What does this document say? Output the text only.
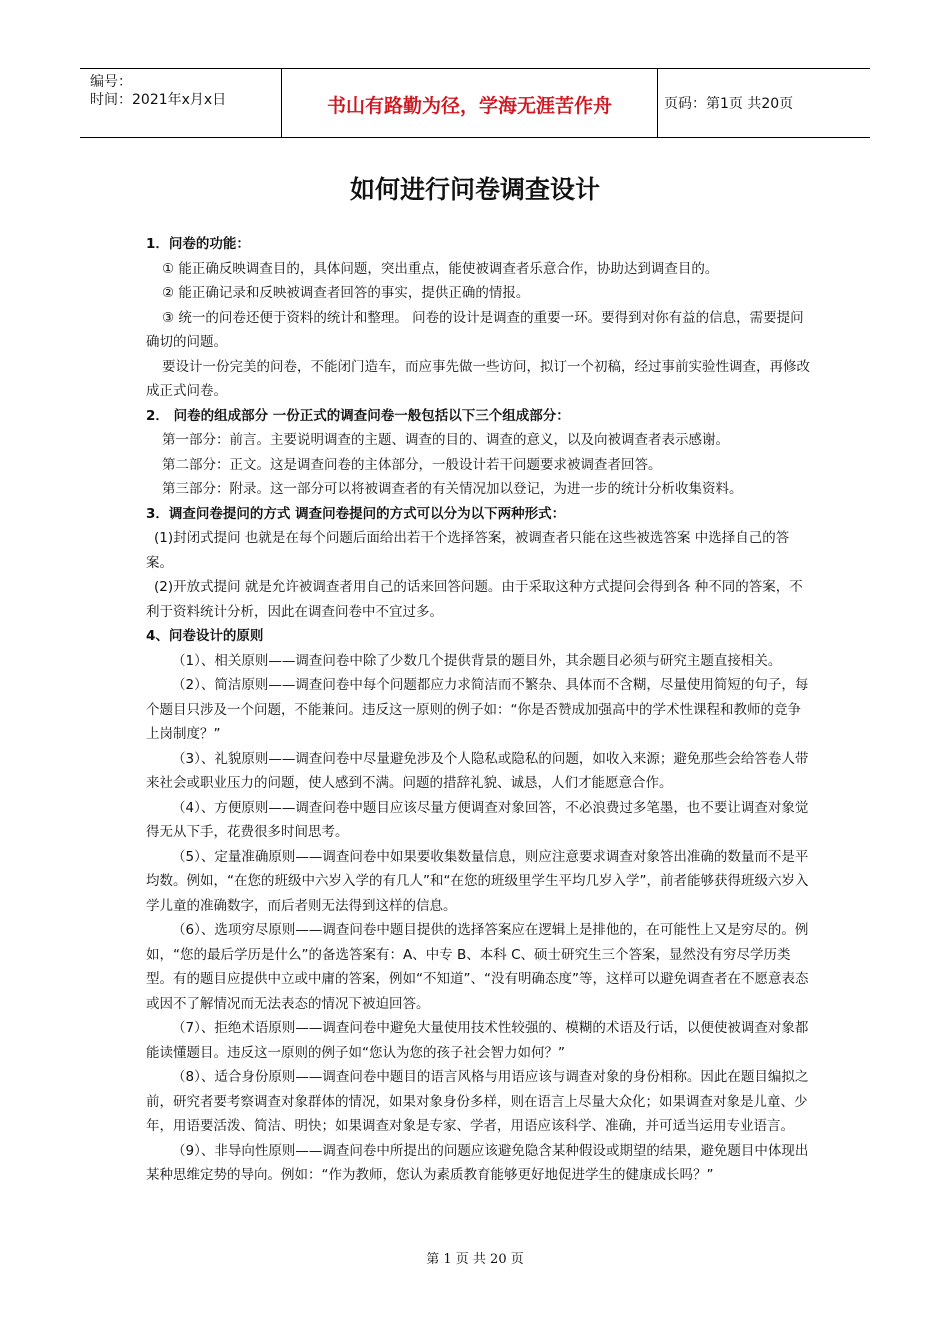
编号：
时间：2021年x月x日	书山有路勤为径，学海无涯苦作舟	页码：第1页 共20页
如何进行问卷调查设计

1．问卷的功能：

① 能正确反映调查目的，具体问题，突出重点，能使被调查者乐意合作，协助达到调查目的。

② 能正确记录和反映被调查者回答的事实，提供正确的情报。

③ 统一的问卷还便于资料的统计和整理。 问卷的设计是调查的重要一环。要得到对你有益的信息，需要提问确切的问题。

要设计一份完美的问卷，不能闭门造车，而应事先做一些访问，拟订一个初稿，经过事前实验性调查，再修改成正式问卷。

2． 问卷的组成部分 一份正式的调查问卷一般包括以下三个组成部分：

第一部分：前言。主要说明调查的主题、调查的目的、调查的意义，以及向被调查者表示感谢。

第二部分：正文。这是调查问卷的主体部分，一般设计若干问题要求被调查者回答。

第三部分：附录。这一部分可以将被调查者的有关情况加以登记，为进一步的统计分析收集资料。

3．调查问卷提问的方式 调查问卷提问的方式可以分为以下两种形式：

(1)封闭式提问 也就是在每个问题后面给出若干个选择答案，被调查者只能在这些被选答案 中选择自己的答案。

(2)开放式提问 就是允许被调查者用自己的话来回答问题。由于采取这种方式提问会得到各 种不同的答案，不利于资料统计分析，因此在调查问卷中不宜过多。

4、问卷设计的原则

（1）、相关原则——调查问卷中除了少数几个提供背景的题目外，其余题目必须与研究主题直接相关。

（2）、简洁原则——调查问卷中每个问题都应力求简洁而不繁杂、具体而不含糊，尽量使用简短的句子，每个题目只涉及一个问题，不能兼问。违反这一原则的例子如：“你是否赞成加强高中的学术性课程和教师的竞争上岗制度？”

（3）、礼貌原则——调查问卷中尽量避免涉及个人隐私或隐私的问题，如收入来源；避免那些会给答卷人带来社会或职业压力的问题，使人感到不满。问题的措辞礼貌、诚恳，人们才能愿意合作。

（4）、方便原则——调查问卷中题目应该尽量方便调查对象回答，不必浪费过多笔墨，也不要让调查对象觉得无从下手，花费很多时间思考。

（5）、定量准确原则——调查问卷中如果要收集数量信息，则应注意要求调查对象答出准确的数量而不是平均数。例如，“在您的班级中六岁入学的有几人”和“在您的班级里学生平均几岁入学”，前者能够获得班级六岁入学儿童的准确数字，而后者则无法得到这样的信息。

（6）、选项穷尽原则——调查问卷中题目提供的选择答案应在逻辑上是排他的，在可能性上又是穷尽的。例如，“您的最后学历是什么”的备选答案有：A、中专 B、本科 C、硕士研究生三个答案，显然没有穷尽学历类型。有的题目应提供中立或中庸的答案，例如“不知道”、“没有明确态度”等，这样可以避免调查者在不愿意表态或因不了解情况而无法表态的情况下被迫回答。

（7）、拒绝术语原则——调查问卷中避免大量使用技术性较强的、模糊的术语及行话，以便使被调查对象都能读懂题目。违反这一原则的例子如“您认为您的孩子社会智力如何？”

（8）、适合身份原则——调查问卷中题目的语言风格与用语应该与调查对象的身份相称。因此在题目编拟之前，研究者要考察调查对象群体的情况，如果对象身份多样，则在语言上尽量大众化；如果调查对象是儿童、少年，用语要活泼、简洁、明快；如果调查对象是专家、学者，用语应该科学、准确，并可适当运用专业语言。

（9）、非导向性原则——调查问卷中所提出的问题应该避免隐含某种假设或期望的结果，避免题目中体现出某种思维定势的导向。例如：“作为教师，您认为素质教育能够更好地促进学生的健康成长吗？”

第 1 页 共 20 页
